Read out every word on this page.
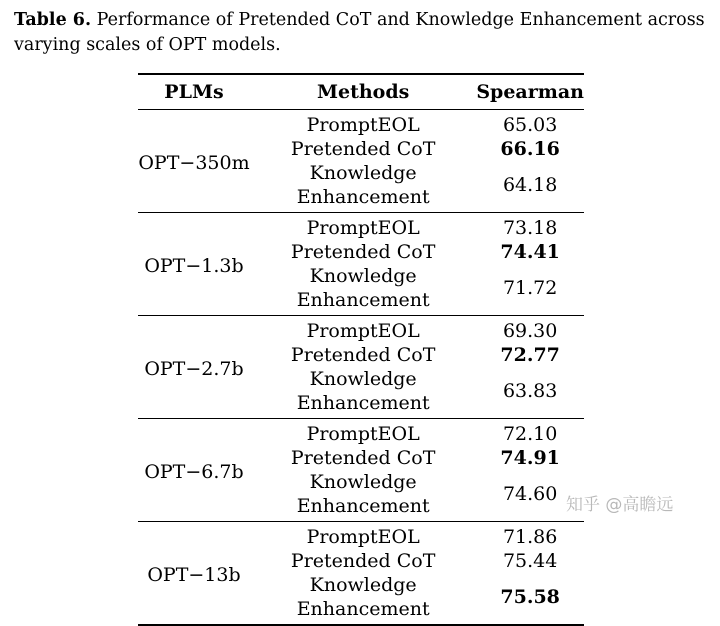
Table 6. Performance of Pretended CoT and Knowledge Enhancement across varying scales of OPT models.
PLMs	Methods	Spearman
OPT−350m	PromptEOL	65.03
	Pretended CoT	66.16
	Knowledge Enhancement	64.18
OPT−1.3b	PromptEOL	73.18
	Pretended CoT	74.41
	Knowledge Enhancement	71.72
OPT−2.7b	PromptEOL	69.30
	Pretended CoT	72.77
	Knowledge Enhancement	63.83
OPT−6.7b	PromptEOL	72.10
	Pretended CoT	74.91
	Knowledge Enhancement	74.60
OPT−13b	PromptEOL	71.86
	Pretended CoT	75.44
	Knowledge Enhancement	75.58
知乎 @高瞻远
